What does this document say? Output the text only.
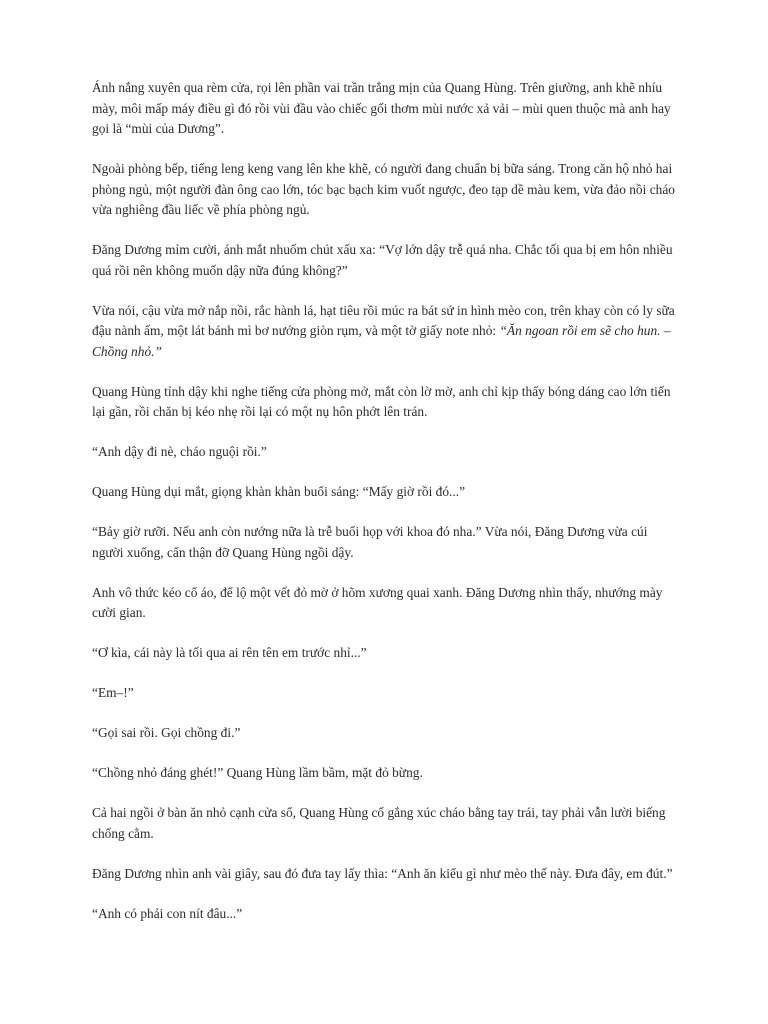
Ánh nắng xuyên qua rèm cửa, rọi lên phần vai trần trắng mịn của Quang Hùng. Trên giường, anh khẽ nhíu mày, môi mấp máy điều gì đó rồi vùi đầu vào chiếc gối thơm mùi nước xả vải – mùi quen thuộc mà anh hay gọi là “mùi của Dương”.

Ngoài phòng bếp, tiếng leng keng vang lên khe khẽ, có người đang chuẩn bị bữa sáng. Trong căn hộ nhỏ hai phòng ngủ, một người đàn ông cao lớn, tóc bạc bạch kim vuốt ngược, đeo tạp dề màu kem, vừa đảo nồi cháo vừa nghiêng đầu liếc về phía phòng ngủ.

Đăng Dương mỉm cười, ánh mắt nhuốm chút xấu xa: “Vợ lớn dậy trễ quá nha. Chắc tối qua bị em hôn nhiều quá rồi nên không muốn dậy nữa đúng không?”

Vừa nói, cậu vừa mở nắp nồi, rắc hành lá, hạt tiêu rồi múc ra bát sứ in hình mèo con, trên khay còn có ly sữa đậu nành ấm, một lát bánh mì bơ nướng giòn rụm, và một tờ giấy note nhỏ: “Ăn ngoan rồi em sẽ cho hun. – Chồng nhỏ.”

Quang Hùng tỉnh dậy khi nghe tiếng cửa phòng mở, mắt còn lờ mờ, anh chỉ kịp thấy bóng dáng cao lớn tiến lại gần, rồi chăn bị kéo nhẹ rồi lại có một nụ hôn phớt lên trán.

“Anh dậy đi nè, cháo nguội rồi.”

Quang Hùng dụi mắt, giọng khàn khàn buổi sáng: “Mấy giờ rồi đó...”

“Bảy giờ rưỡi. Nếu anh còn nướng nữa là trễ buổi họp với khoa đó nha.” Vừa nói, Đăng Dương vừa cúi người xuống, cẩn thận đỡ Quang Hùng ngồi dậy.

Anh vô thức kéo cổ áo, để lộ một vết đỏ mờ ở hõm xương quai xanh. Đăng Dương nhìn thấy, nhướng mày cười gian.

“Ơ kìa, cái này là tối qua ai rên tên em trước nhỉ...”

“Em–!”

“Gọi sai rồi. Gọi chồng đi.”

“Chồng nhỏ đáng ghét!” Quang Hùng lầm bầm, mặt đỏ bừng.

Cả hai ngồi ở bàn ăn nhỏ cạnh cửa sổ, Quang Hùng cố gắng xúc cháo bằng tay trái, tay phải vẫn lười biếng chống cằm.

Đăng Dương nhìn anh vài giây, sau đó đưa tay lấy thìa: “Anh ăn kiểu gì như mèo thế này. Đưa đây, em đút.”

“Anh có phải con nít đâu...”
